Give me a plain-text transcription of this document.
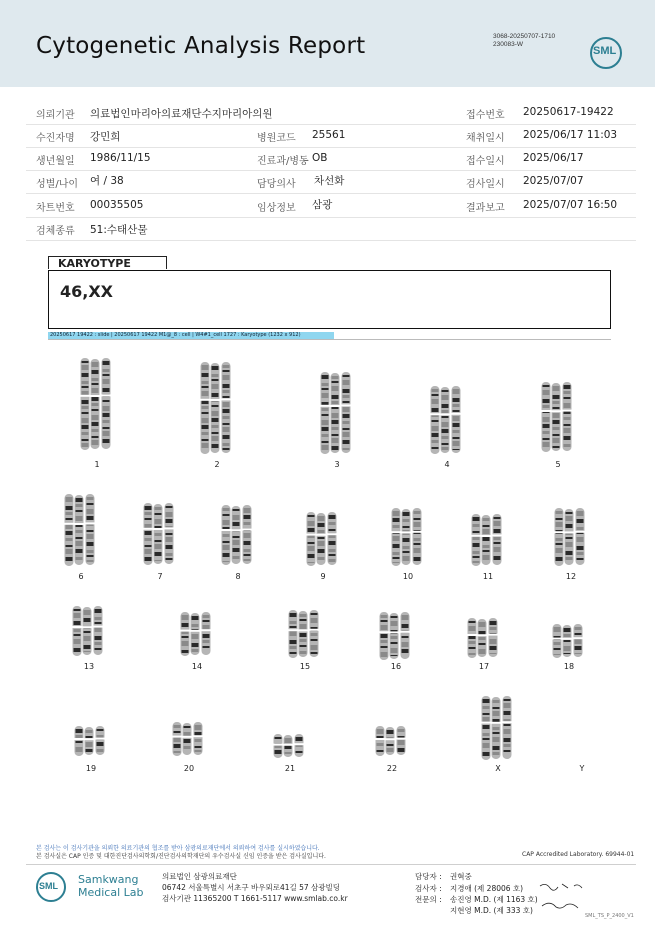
Cytogenetic Analysis Report	3068-20250707-1710
230083-W
SML
의뢰기관 의료법인마리아의료재단수지마리아의원	접수번호 20250617-19422
수진자명 강민희	병원코드 25561	채취일시 2025/06/17 11:03
생년월일 1986/11/15	진료과/병동 OB	접수일시 2025/06/17
성별/나이 여 / 38	담당의사 차선화	검사일시 2025/07/07
차트번호 00035505	임상정보 삼광	결과보고 2025/07/07 16:50
검체종류 51:수태산물
KARYOTYPE
46,XX
20250617 19422 : slide | 20250617 19422 M1@_8 : cell | W4#1_cell 1727 : Karyotype (1232 x 912)
1	2	3	4	5
6	7	8	9	10	11	12
13	14	15	16	17	18
19	20	21	22	X	Y
본 검사는 이 검사기관을 의뢰한 의료기관의 협조를 받아 삼광의료재단에서 의뢰하여 검사를 실시하였습니다.
본 검사실은 CAP 인증 및 대한진단검사의학회/진단검사의학재단의 우수검사실 신임 인증을 받은 검사실입니다.	CAP Accredited Laboratory. 69944-01
SML Samkwang
Medical Lab
의료법인 삼광의료재단
06742 서울특별시 서초구 바우뫼로41길 57 삼광빌딩
검사기관 11365200 T 1661-5117 www.smlab.co.kr
담당자 : 권혁중
검사자 : 지경애 (제 28006 호)
전문의 : 송진영 M.D. (제 1163 호)
지현영 M.D. (제 333 호)
SML_TS_P_2400_V1
